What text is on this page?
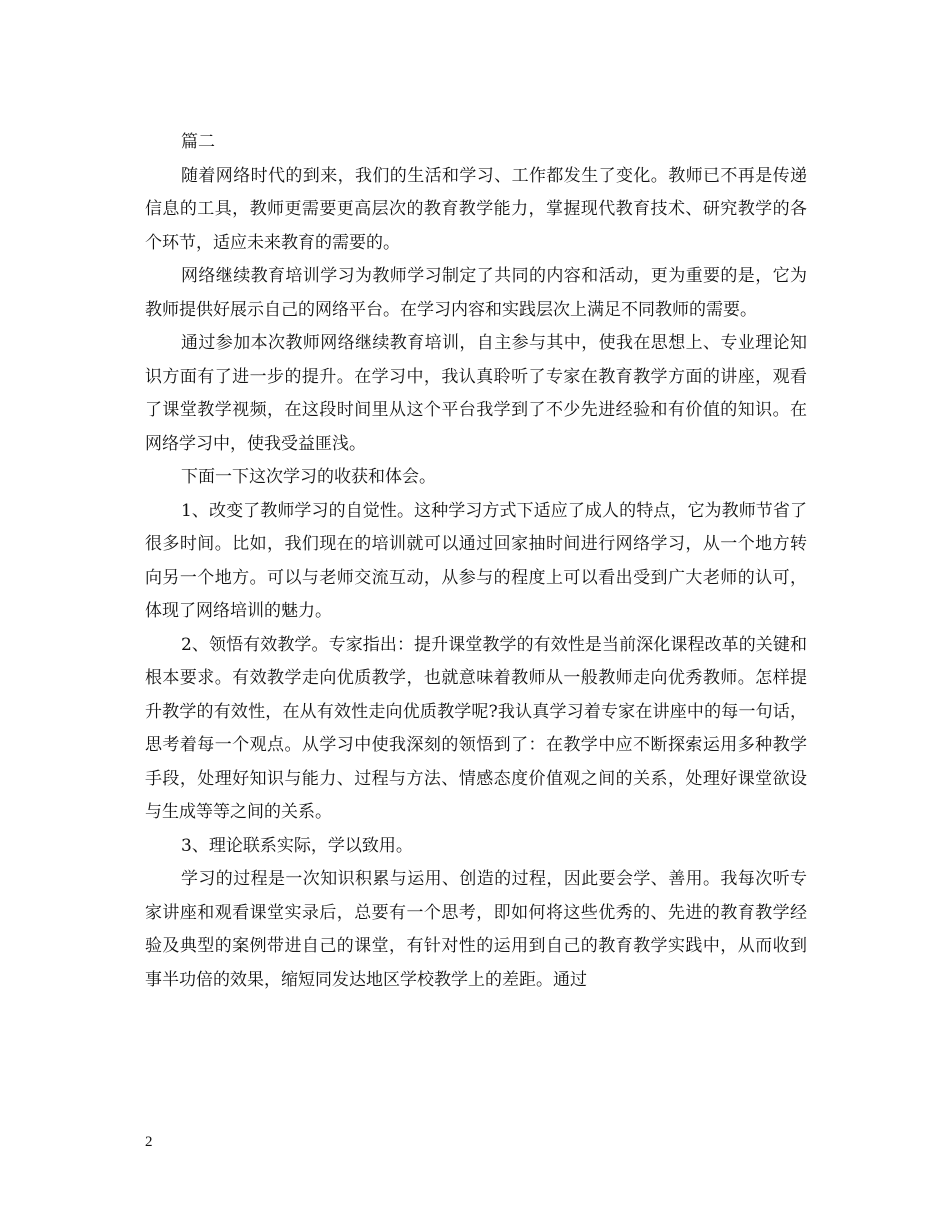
篇二

随着网络时代的到来，我们的生活和学习、工作都发生了变化。教师已不再是传递信息的工具，教师更需要更高层次的教育教学能力，掌握现代教育技术、研究教学的各个环节，适应未来教育的需要的。

网络继续教育培训学习为教师学习制定了共同的内容和活动，更为重要的是，它为教师提供好展示自己的网络平台。在学习内容和实践层次上满足不同教师的需要。

通过参加本次教师网络继续教育培训，自主参与其中，使我在思想上、专业理论知识方面有了进一步的提升。在学习中，我认真聆听了专家在教育教学方面的讲座，观看了课堂教学视频，在这段时间里从这个平台我学到了不少先进经验和有价值的知识。在网络学习中，使我受益匪浅。

下面一下这次学习的收获和体会。

1、改变了教师学习的自觉性。这种学习方式下适应了成人的特点，它为教师节省了很多时间。比如，我们现在的培训就可以通过回家抽时间进行网络学习，从一个地方转向另一个地方。可以与老师交流互动，从参与的程度上可以看出受到广大老师的认可，体现了网络培训的魅力。

2、领悟有效教学。专家指出：提升课堂教学的有效性是当前深化课程改革的关键和根本要求。有效教学走向优质教学，也就意味着教师从一般教师走向优秀教师。怎样提升教学的有效性，在从有效性走向优质教学呢?我认真学习着专家在讲座中的每一句话，思考着每一个观点。从学习中使我深刻的领悟到了：在教学中应不断探索运用多种教学手段，处理好知识与能力、过程与方法、情感态度价值观之间的关系，处理好课堂欲设与生成等等之间的关系。

3、理论联系实际，学以致用。

学习的过程是一次知识积累与运用、创造的过程，因此要会学、善用。我每次听专家讲座和观看课堂实录后，总要有一个思考，即如何将这些优秀的、先进的教育教学经验及典型的案例带进自己的课堂，有针对性的运用到自己的教育教学实践中，从而收到事半功倍的效果，缩短同发达地区学校教学上的差距。通过

2
